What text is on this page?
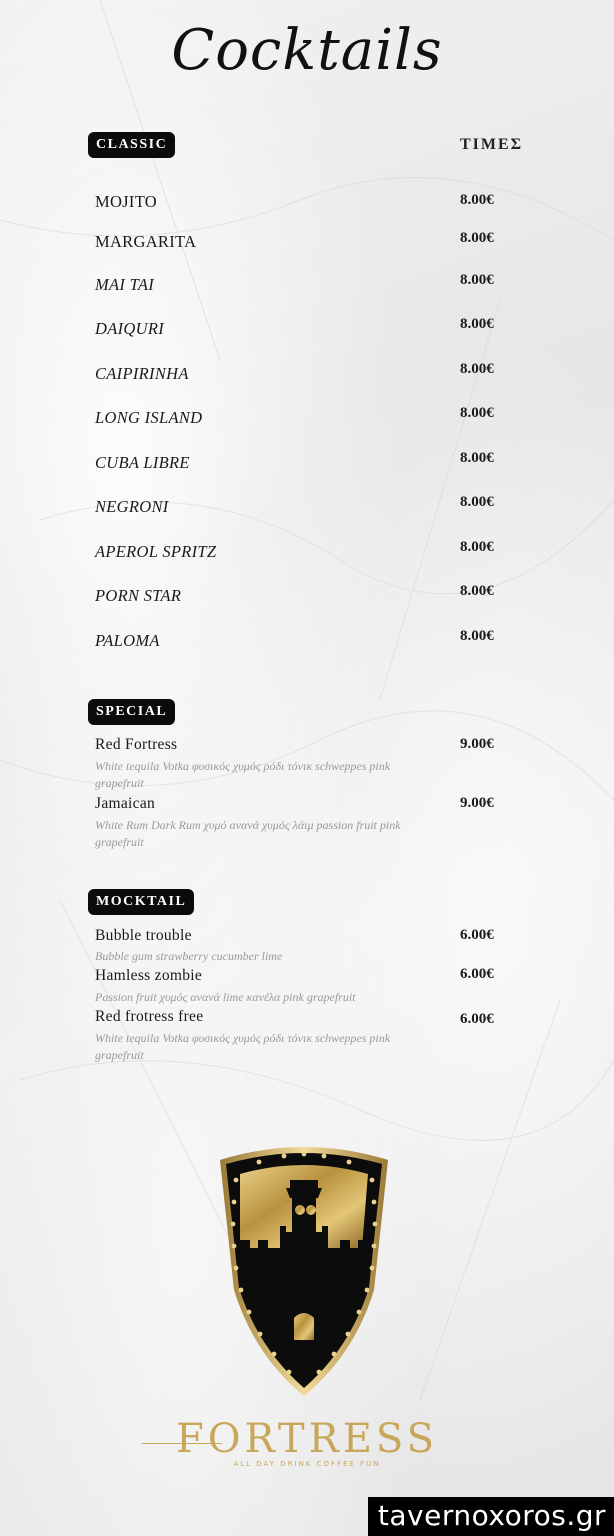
Cocktails
CLASSIC	ΤΙΜΕΣ
MOJITO	8.00€
MARGARITA	8.00€
MAI TAI	8.00€
DAIQURI	8.00€
CAIPIRINHA	8.00€
LONG ISLAND	8.00€
CUBA LIBRE	8.00€
NEGRONI	8.00€
APEROL SPRITZ	8.00€
PORN STAR	8.00€
PALOMA	8.00€
SPECIAL
Red Fortress	9.00€
White tequila Votka φυσικός χυμός ρόδι τόνικ schweppes pink grapefruit
Jamaican	9.00€
White Rum Dark Rum χυμό ανανά χυμός λάιμ passion fruit pink grapefruit
MOCKTAIL
Bubble trouble	6.00€
Bubble gum strawberry cucumber lime
Hamless zombie	6.00€
Passion fruit χυμός ανανά lime κανέλα pink grapefruit
Red frotress free	6.00€
White tequila Votka φυσικός χυμός ρόδι τόνικ schweppes pink grapefruit
FORTRESS
ALL DAY DRINK COFFEE FUN
tavernoxoros.gr
